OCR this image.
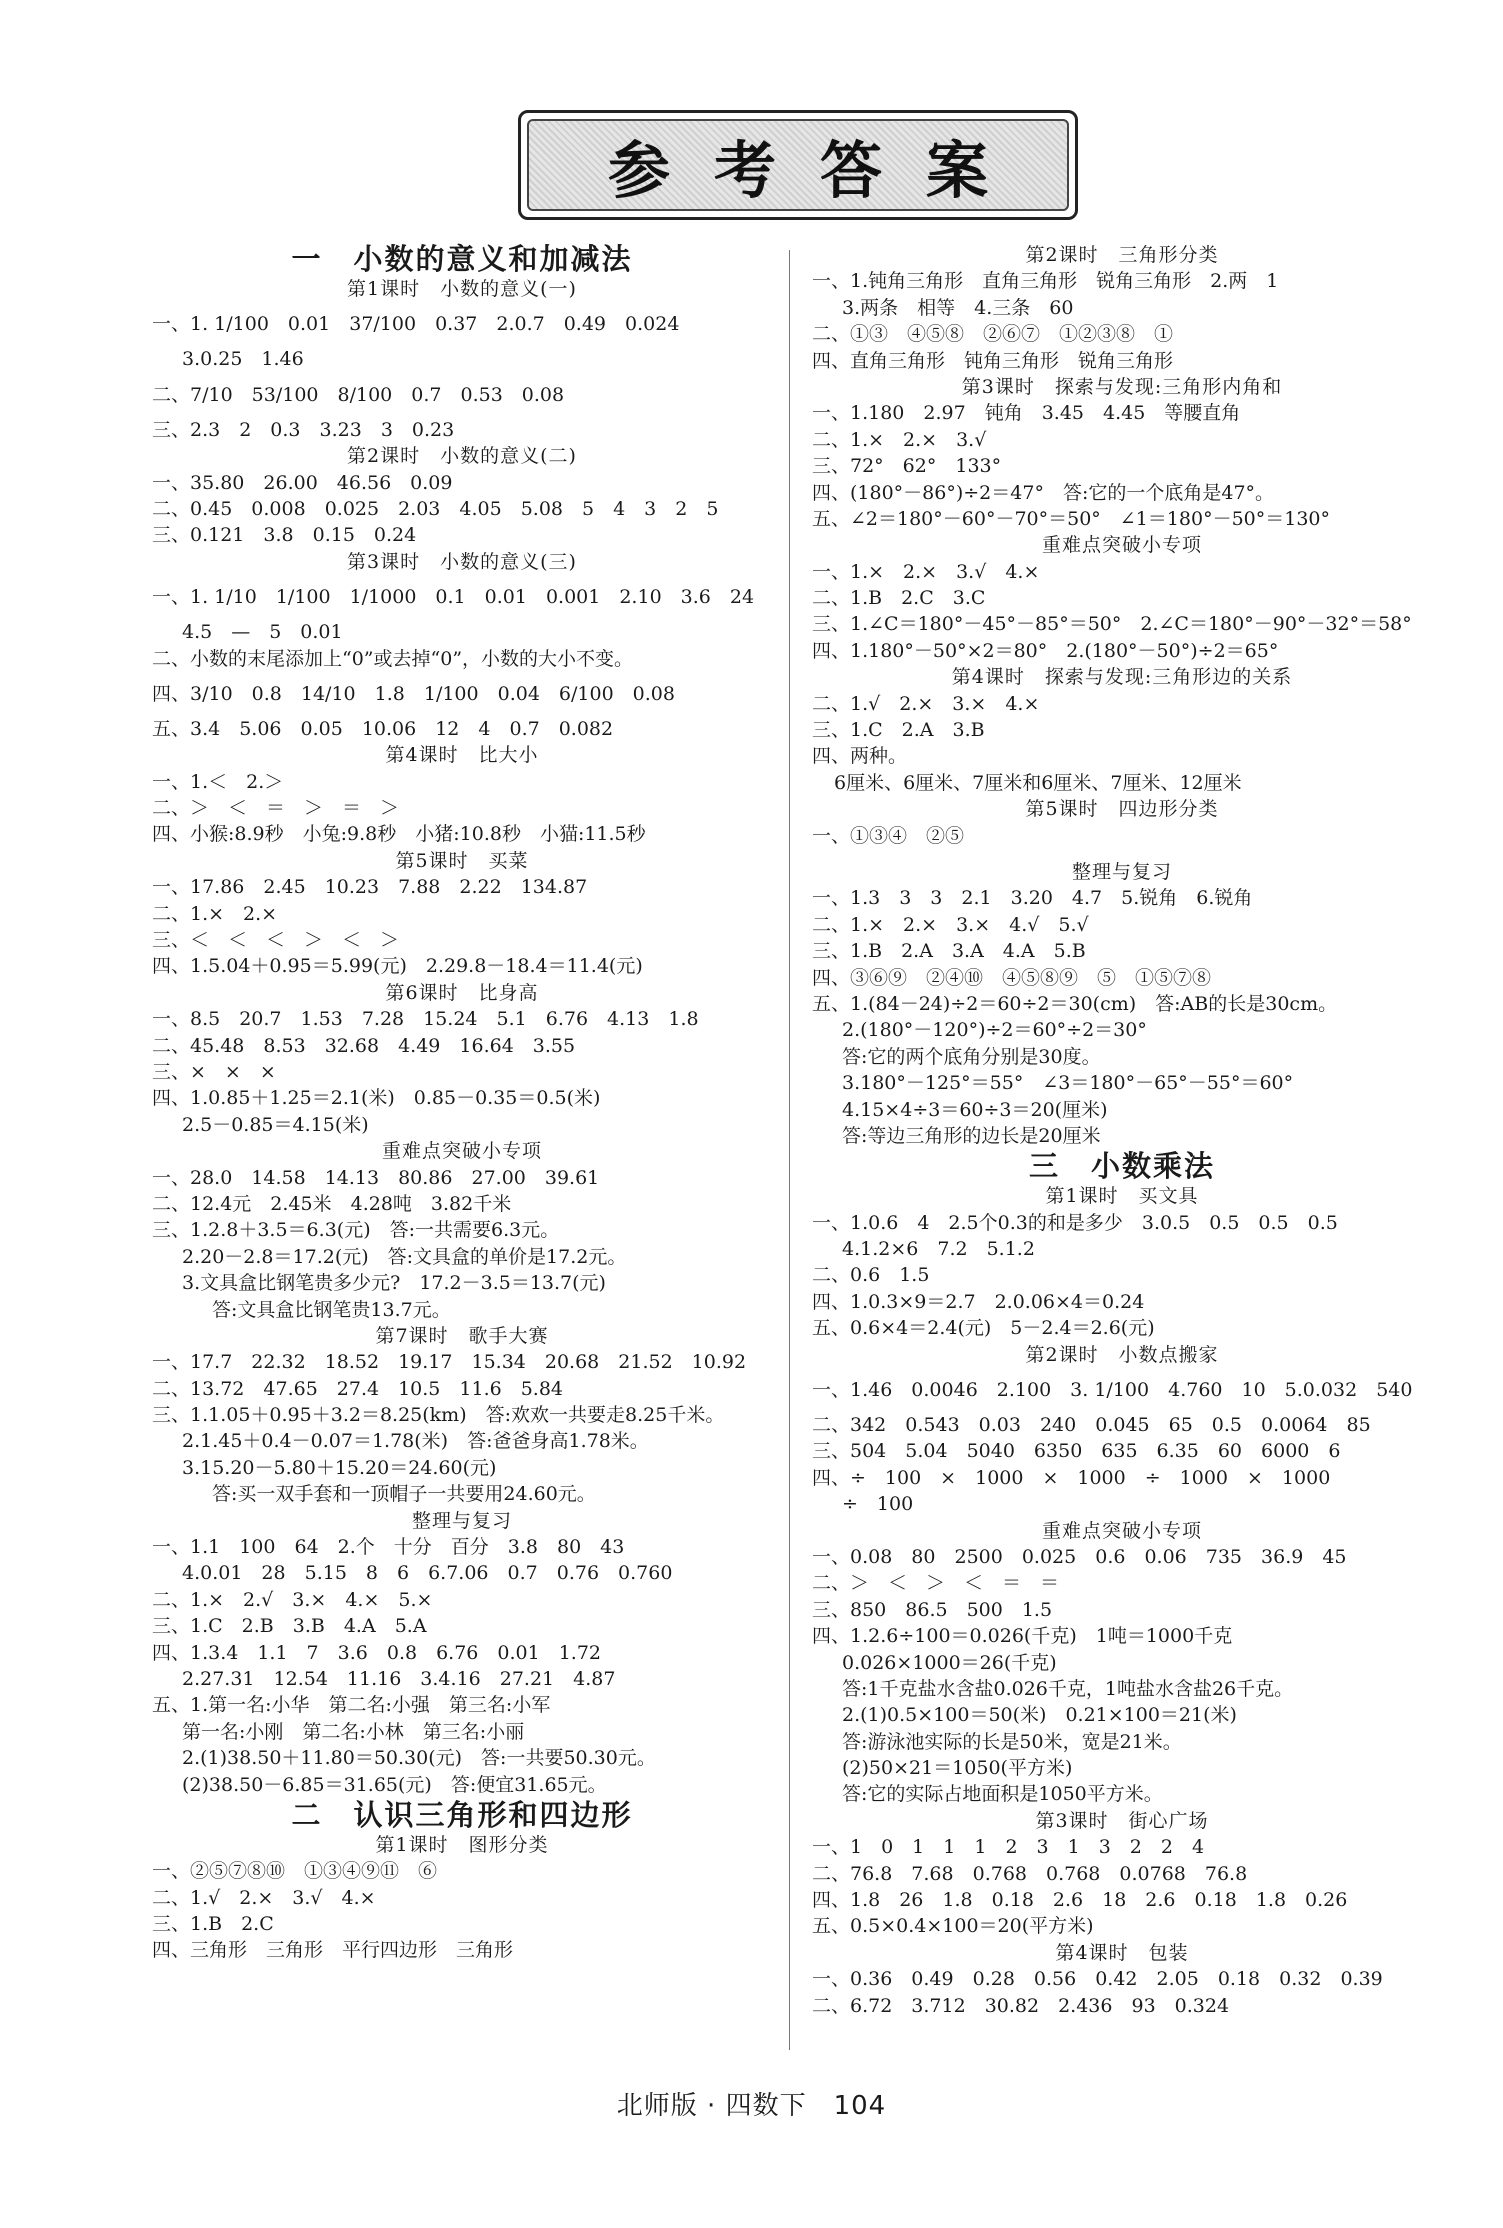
参考答案
一　小数的意义和加减法
第1课时　小数的意义(一)
一、1. 1/100　0.01　37/100　0.37　2.0.7　0.49　0.024
3.0.25　1.46
二、7/10　53/100　8/100　0.7　0.53　0.08
三、2.3　2　0.3　3.23　3　0.23
第2课时　小数的意义(二)
一、35.80　26.00　46.56　0.09
二、0.45　0.008　0.025　2.03　4.05　5.08　5　4　3　2　5
三、0.121　3.8　0.15　0.24
第3课时　小数的意义(三)
一、1. 1/10　1/100　1/1000　0.1　0.01　0.001　2.10　3.6　24
4.5　—　5　0.01
二、小数的末尾添加上“0”或去掉“0”，小数的大小不变。
四、3/10　0.8　14/10　1.8　1/100　0.04　6/100　0.08
五、3.4　5.06　0.05　10.06　12　4　0.7　0.082
第4课时　比大小
一、1.＜　2.＞
二、＞　＜　＝　＞　＝　＞
四、小猴:8.9秒　小兔:9.8秒　小猪:10.8秒　小猫:11.5秒
第5课时　买菜
一、17.86　2.45　10.23　7.88　2.22　134.87
二、1.×　2.×
三、＜　＜　＜　＞　＜　＞
四、1.5.04＋0.95＝5.99(元)　2.29.8－18.4＝11.4(元)
第6课时　比身高
一、8.5　20.7　1.53　7.28　15.24　5.1　6.76　4.13　1.8
二、45.48　8.53　32.68　4.49　16.64　3.55
三、×　×　×
四、1.0.85＋1.25＝2.1(米)　0.85－0.35＝0.5(米)
2.5－0.85＝4.15(米)
重难点突破小专项
一、28.0　14.58　14.13　80.86　27.00　39.61
二、12.4元　2.45米　4.28吨　3.82千米
三、1.2.8＋3.5＝6.3(元)　答:一共需要6.3元。
2.20－2.8＝17.2(元)　答:文具盒的单价是17.2元。
3.文具盒比钢笔贵多少元?　17.2－3.5＝13.7(元)
答:文具盒比钢笔贵13.7元。
第7课时　歌手大赛
一、17.7　22.32　18.52　19.17　15.34　20.68　21.52　10.92
二、13.72　47.65　27.4　10.5　11.6　5.84
三、1.1.05＋0.95＋3.2＝8.25(km)　答:欢欢一共要走8.25千米。
2.1.45＋0.4－0.07＝1.78(米)　答:爸爸身高1.78米。
3.15.20－5.80＋15.20＝24.60(元)
答:买一双手套和一顶帽子一共要用24.60元。
整理与复习
一、1.1　100　64　2.个　十分　百分　3.8　80　43
4.0.01　28　5.15　8　6　6.7.06　0.7　0.76　0.760
二、1.×　2.√　3.×　4.×　5.×
三、1.C　2.B　3.B　4.A　5.A
四、1.3.4　1.1　7　3.6　0.8　6.76　0.01　1.72
2.27.31　12.54　11.16　3.4.16　27.21　4.87
五、1.第一名:小华　第二名:小强　第三名:小军
第一名:小刚　第二名:小林　第三名:小丽
2.(1)38.50＋11.80＝50.30(元)　答:一共要50.30元。
(2)38.50－6.85＝31.65(元)　答:便宜31.65元。
二　认识三角形和四边形
第1课时　图形分类
一、②⑤⑦⑧⑩　①③④⑨⑪　⑥
二、1.√　2.×　3.√　4.×
三、1.B　2.C
四、三角形　三角形　平行四边形　三角形
第2课时　三角形分类
一、1.钝角三角形　直角三角形　锐角三角形　2.两　1
3.两条　相等　4.三条　60
二、①③　④⑤⑧　②⑥⑦　①②③⑧　①
四、直角三角形　钝角三角形　锐角三角形
第3课时　探索与发现:三角形内角和
一、1.180　2.97　钝角　3.45　4.45　等腰直角
二、1.×　2.×　3.√
三、72°　62°　133°
四、(180°－86°)÷2＝47°　答:它的一个底角是47°。
五、∠2＝180°－60°－70°＝50°　∠1＝180°－50°＝130°
重难点突破小专项
一、1.×　2.×　3.√　4.×
二、1.B　2.C　3.C
三、1.∠C＝180°－45°－85°＝50°　2.∠C＝180°－90°－32°＝58°
四、1.180°－50°×2＝80°　2.(180°－50°)÷2＝65°
第4课时　探索与发现:三角形边的关系
二、1.√　2.×　3.×　4.×
三、1.C　2.A　3.B
四、两种。
6厘米、6厘米、7厘米和6厘米、7厘米、12厘米
第5课时　四边形分类
一、①③④　②⑤
整理与复习
一、1.3　3　3　2.1　3.20　4.7　5.锐角　6.锐角
二、1.×　2.×　3.×　4.√　5.√
三、1.B　2.A　3.A　4.A　5.B
四、③⑥⑨　②④⑩　④⑤⑧⑨　⑤　①⑤⑦⑧
五、1.(84－24)÷2＝60÷2＝30(cm)　答:AB的长是30cm。
2.(180°－120°)÷2＝60°÷2＝30°
答:它的两个底角分别是30度。
3.180°－125°＝55°　∠3＝180°－65°－55°＝60°
4.15×4÷3＝60÷3＝20(厘米)
答:等边三角形的边长是20厘米
三　小数乘法
第1课时　买文具
一、1.0.6　4　2.5个0.3的和是多少　3.0.5　0.5　0.5　0.5
4.1.2×6　7.2　5.1.2
二、0.6　1.5
四、1.0.3×9＝2.7　2.0.06×4＝0.24
五、0.6×4＝2.4(元)　5－2.4＝2.6(元)
第2课时　小数点搬家
一、1.46　0.0046　2.100　3. 1/100　4.760　10　5.0.032　540
二、342　0.543　0.03　240　0.045　65　0.5　0.0064　85
三、504　5.04　5040　6350　635　6.35　60　6000　6
四、÷　100　×　1000　×　1000　÷　1000　×　1000
÷　100
重难点突破小专项
一、0.08　80　2500　0.025　0.6　0.06　735　36.9　45
二、＞　＜　＞　＜　＝　＝
三、850　86.5　500　1.5
四、1.2.6÷100＝0.026(千克)　1吨＝1000千克
0.026×1000＝26(千克)
答:1千克盐水含盐0.026千克，1吨盐水含盐26千克。
2.(1)0.5×100＝50(米)　0.21×100＝21(米)
答:游泳池实际的长是50米，宽是21米。
(2)50×21＝1050(平方米)
答:它的实际占地面积是1050平方米。
第3课时　街心广场
一、1　0　1　1　1　2　3　1　3　2　2　4
二、76.8　7.68　0.768　0.768　0.0768　76.8
四、1.8　26　1.8　0.18　2.6　18　2.6　0.18　1.8　0.26
五、0.5×0.4×100＝20(平方米)
第4课时　包装
一、0.36　0.49　0.28　0.56　0.42　2.05　0.18　0.32　0.39
二、6.72　3.712　30.82　2.436　93　0.324
北师版 · 四数下　104
